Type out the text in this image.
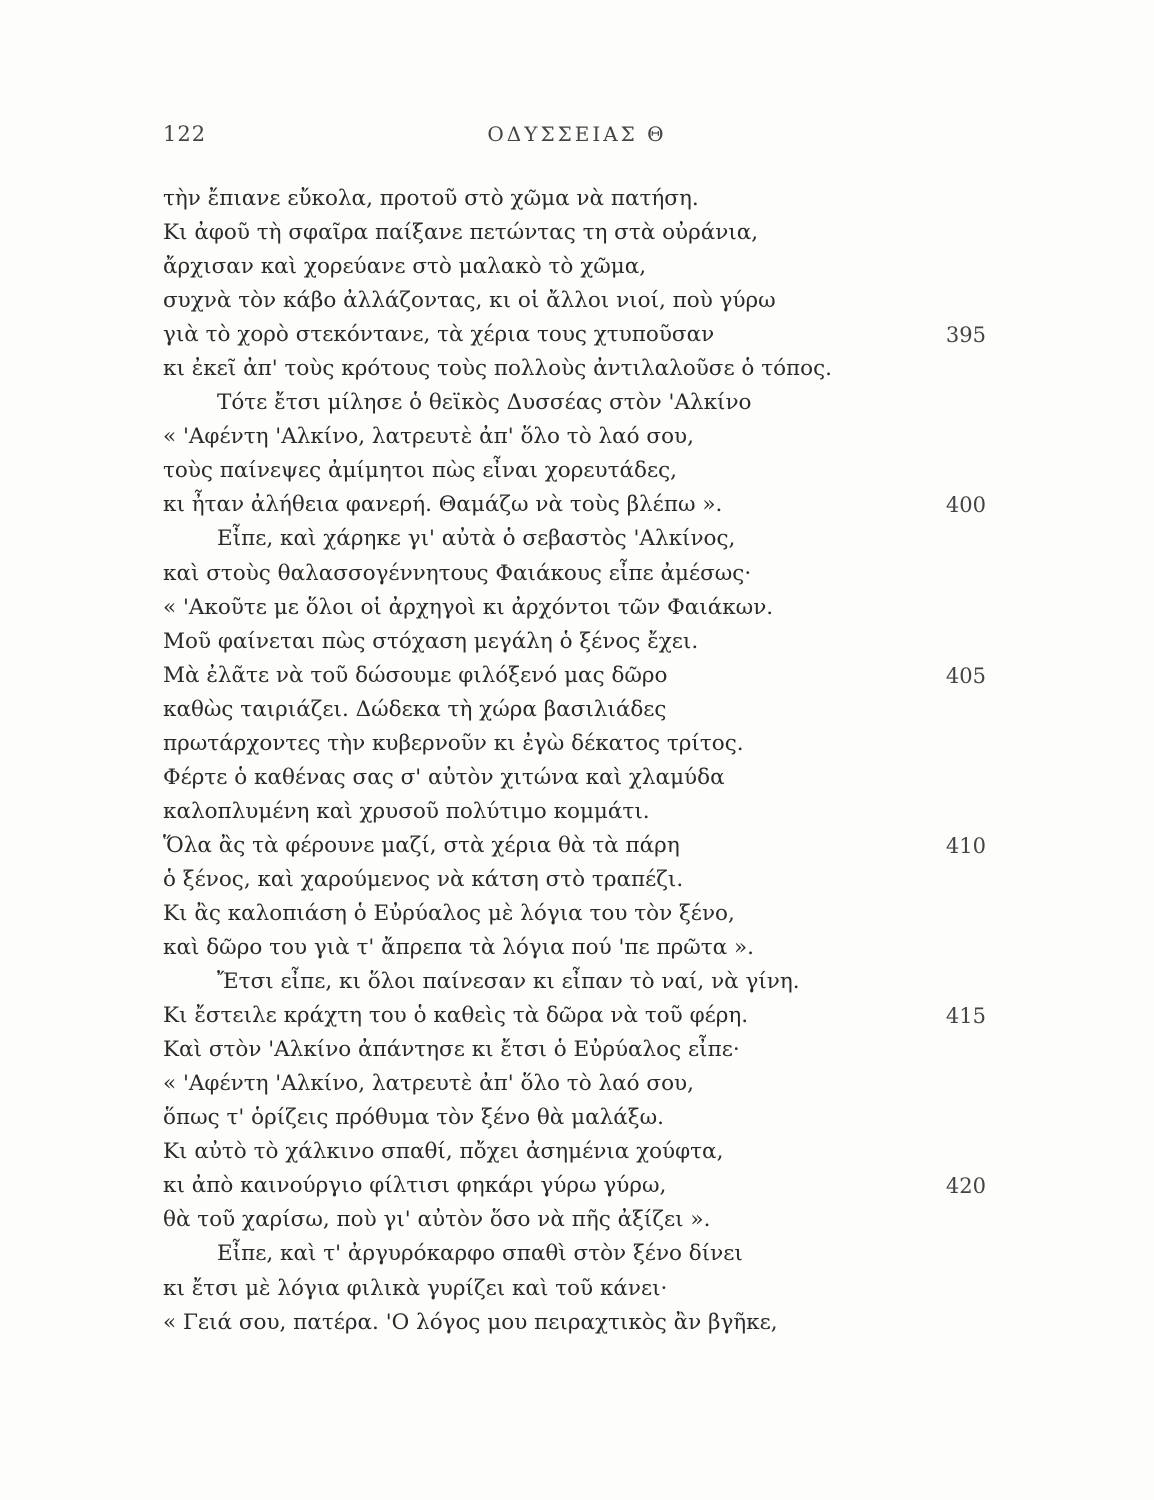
122	ΟΔΥΣΣΕΙΑΣ Θ
τὴν ἔπιανε εὔκολα, προτοῦ στὸ χῶμα νὰ πατήση.
Κι ἀφοῦ τὴ σφαῖρα παίξανε πετώντας τη στὰ οὐράνια,
ἄρχισαν καὶ χορεύανε στὸ μαλακὸ τὸ χῶμα,
συχνὰ τὸν κάβο ἀλλάζοντας, κι οἱ ἄλλοι νιοί, ποὺ γύρω
γιὰ τὸ χορὸ στεκόντανε, τὰ χέρια τους χτυποῦσαν	395
κι ἐκεῖ ἀπ' τοὺς κρότους τοὺς πολλοὺς ἀντιλαλοῦσε ὁ τόπος.
Τότε ἔτσι μίλησε ὁ θεϊκὸς Δυσσέας στὸν 'Αλκίνο
« 'Αφέντη 'Αλκίνο, λατρευτὲ ἀπ' ὅλο τὸ λαό σου,
τοὺς παίνεψες ἀμίμητοι πὼς εἶναι χορευτάδες,
κι ἦταν ἀλήθεια φανερή. Θαμάζω νὰ τοὺς βλέπω ».	400
Εἶπε, καὶ χάρηκε γι' αὐτὰ ὁ σεβαστὸς 'Αλκίνος,
καὶ στοὺς θαλασσογέννητους Φαιάκους εἶπε ἀμέσως·
« 'Ακοῦτε με ὅλοι οἱ ἀρχηγοὶ κι ἀρχόντοι τῶν Φαιάκων.
Μοῦ φαίνεται πὼς στόχαση μεγάλη ὁ ξένος ἔχει.
Μὰ ἐλᾶτε νὰ τοῦ δώσουμε φιλόξενό μας δῶρο	405
καθὼς ταιριάζει. Δώδεκα τὴ χώρα βασιλιάδες
πρωτάρχοντες τὴν κυβερνοῦν κι ἐγὼ δέκατος τρίτος.
Φέρτε ὁ καθένας σας σ' αὐτὸν χιτώνα καὶ χλαμύδα
καλοπλυμένη καὶ χρυσοῦ πολύτιμο κομμάτι.
Ὅλα ἂς τὰ φέρουνε μαζί, στὰ χέρια θὰ τὰ πάρη	410
ὁ ξένος, καὶ χαρούμενος νὰ κάτση στὸ τραπέζι.
Κι ἂς καλοπιάση ὁ Εὐρύαλος μὲ λόγια του τὸν ξένο,
καὶ δῶρο του γιὰ τ' ἄπρεπα τὰ λόγια πού 'πε πρῶτα ».
Ἔτσι εἶπε, κι ὅλοι παίνεσαν κι εἶπαν τὸ ναί, νὰ γίνη.
Κι ἔστειλε κράχτη του ὁ καθεὶς τὰ δῶρα νὰ τοῦ φέρη.	415
Καὶ στὸν 'Αλκίνο ἀπάντησε κι ἔτσι ὁ Εὐρύαλος εἶπε·
« 'Αφέντη 'Αλκίνο, λατρευτὲ ἀπ' ὅλο τὸ λαό σου,
ὅπως τ' ὁρίζεις πρόθυμα τὸν ξένο θὰ μαλάξω.
Κι αὐτὸ τὸ χάλκινο σπαθί, πὄχει ἀσημένια χούφτα,
κι ἀπὸ καινούργιο φίλτισι φηκάρι γύρω γύρω,	420
θὰ τοῦ χαρίσω, ποὺ γι' αὐτὸν ὅσο νὰ πῆς ἀξίζει ».
Εἶπε, καὶ τ' ἀργυρόκαρφο σπαθὶ στὸν ξένο δίνει
κι ἔτσι μὲ λόγια φιλικὰ γυρίζει καὶ τοῦ κάνει·
« Γειά σου, πατέρα. 'Ο λόγος μου πειραχτικὸς ἂν βγῆκε,
